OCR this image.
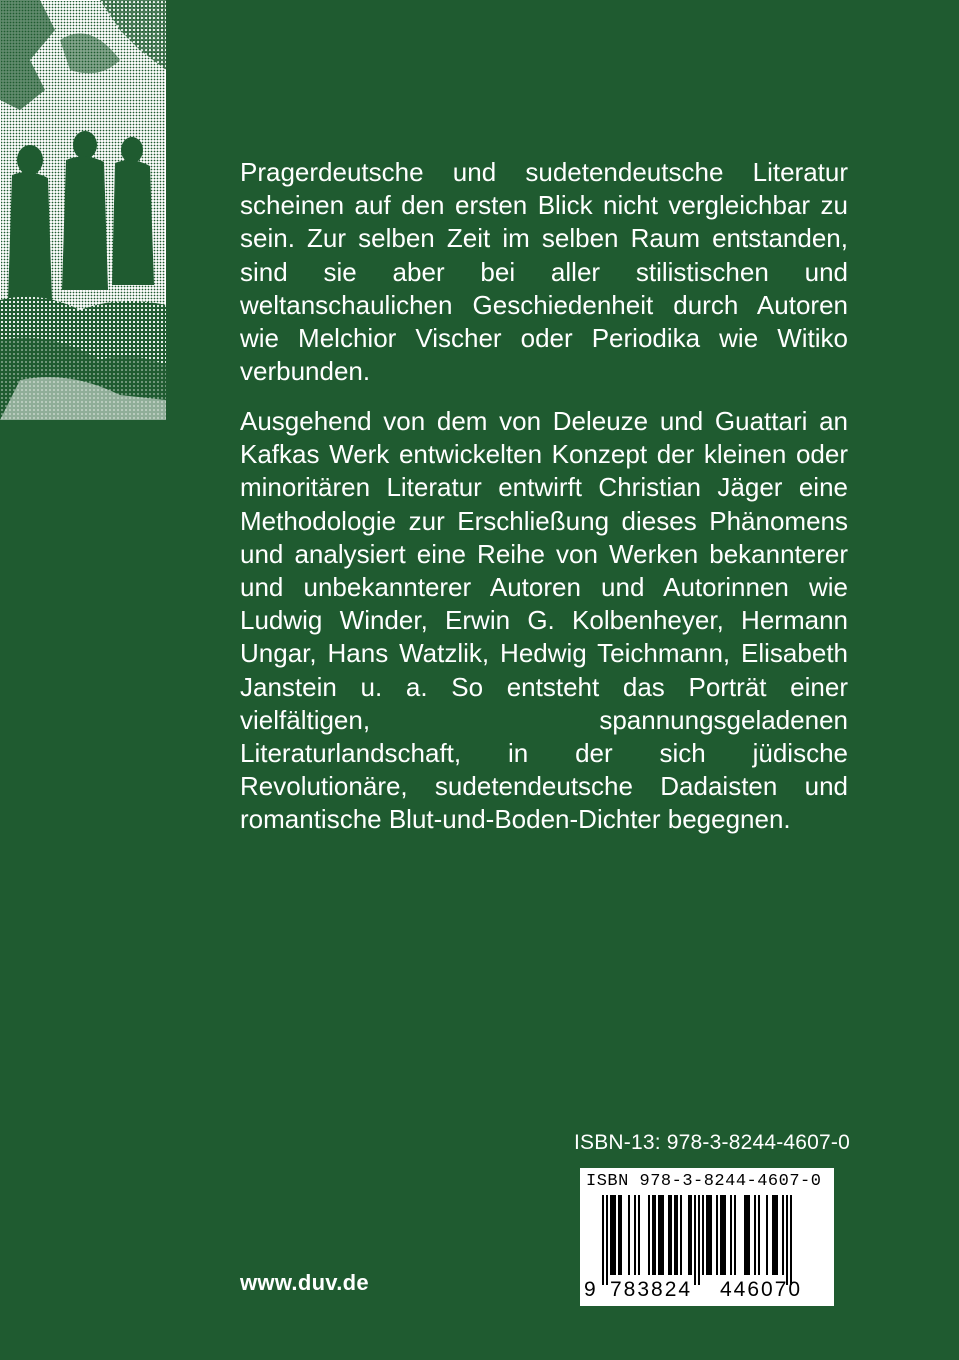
Pragerdeutsche und sudetendeutsche Literatur scheinen auf den ersten Blick nicht vergleichbar zu sein. Zur selben Zeit im selben Raum entstanden, sind sie aber bei aller stilistischen und weltanschaulichen Geschiedenheit durch Autoren wie Melchior Vischer oder Periodika wie Witiko verbunden.
Ausgehend von dem von Deleuze und Guattari an Kafkas Werk entwickelten Konzept der kleinen oder minoritären Literatur entwirft Christian Jäger eine Methodologie zur Erschließung dieses Phänomens und analysiert eine Reihe von Werken bekannterer und unbekannterer Autoren und Autorinnen wie Ludwig Winder, Erwin G. Kolbenheyer, Hermann Ungar, Hans Watzlik, Hedwig Teichmann, Elisabeth Janstein u. a. So entsteht das Porträt einer vielfältigen, spannungsgeladenen Literaturlandschaft, in der sich jüdische Revolutionäre, sudetendeutsche Dadaisten und romantische Blut-und-Boden-Dichter begegnen.
ISBN-13: 978-3-8244-4607-0
ISBN 978-3-8244-4607-0
9 783824 446070
www.duv.de
